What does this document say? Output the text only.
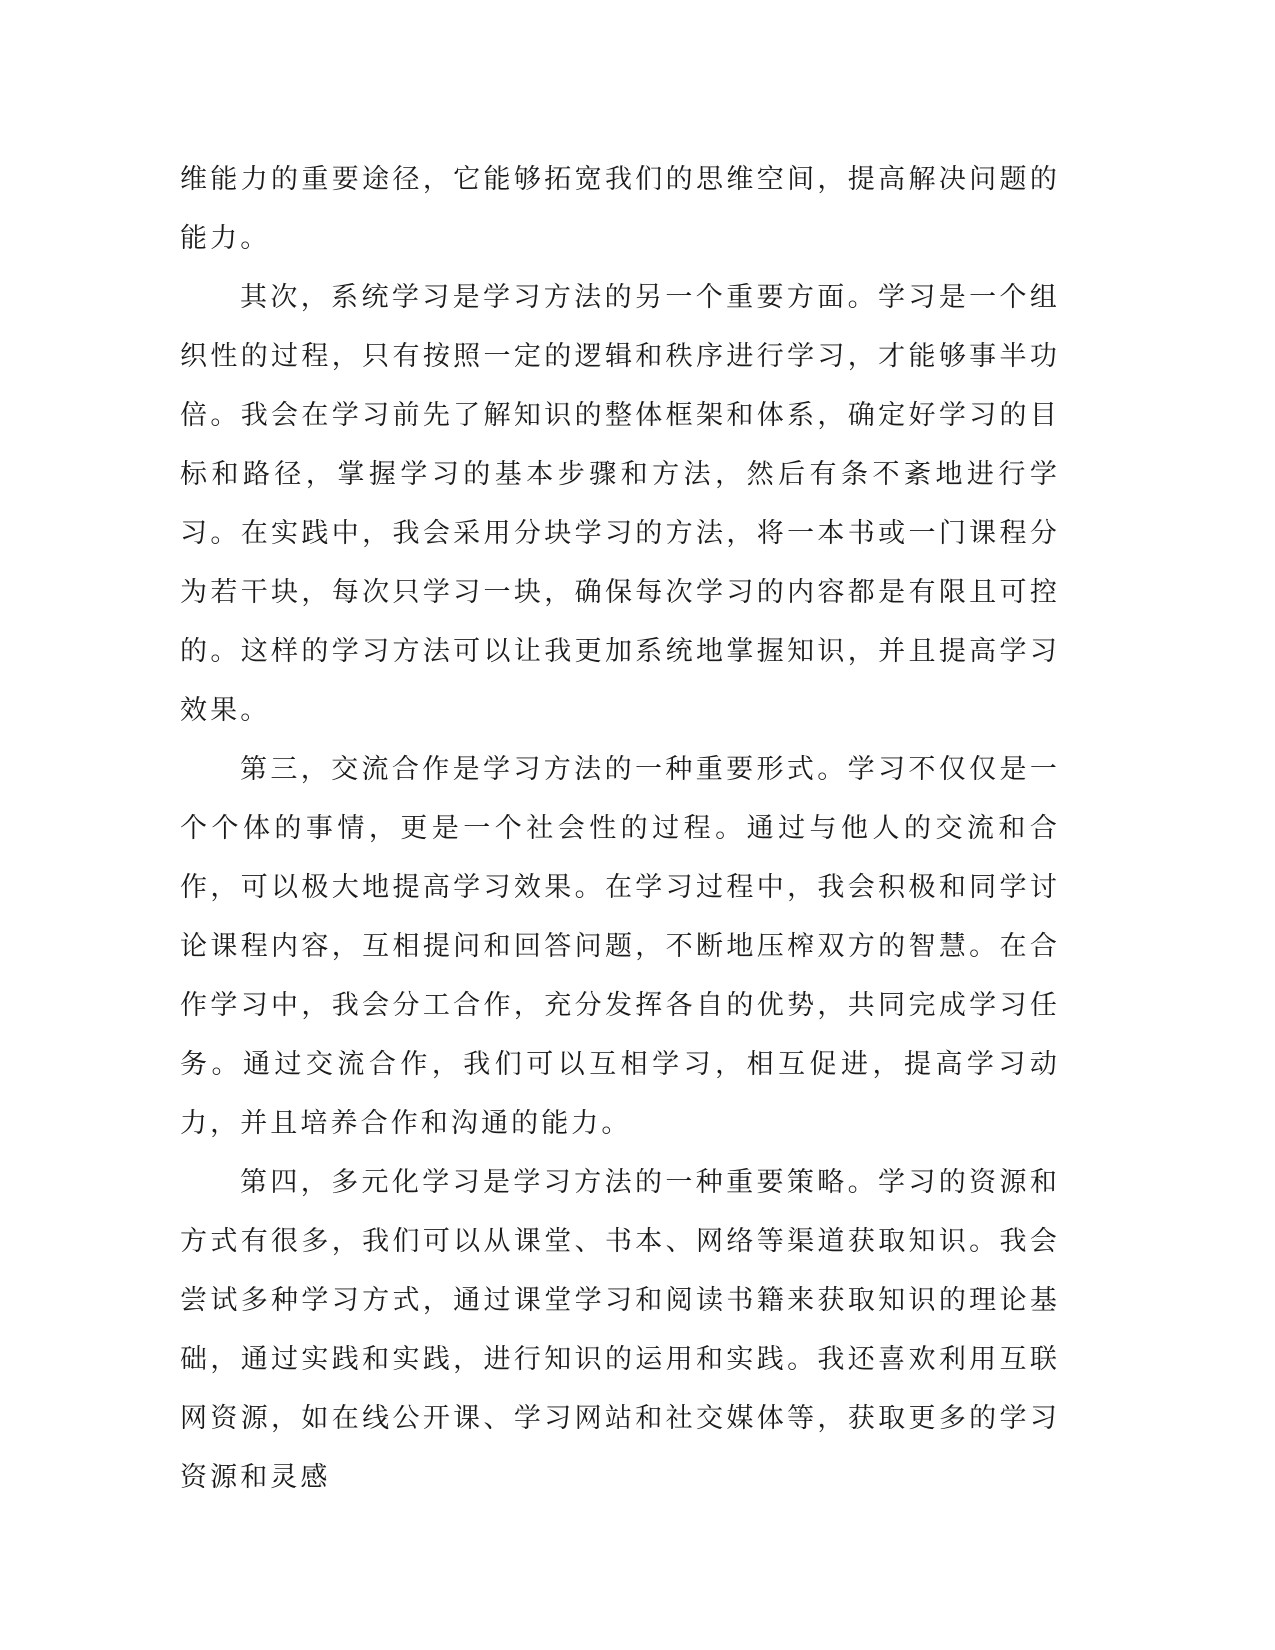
维能力的重要途径，它能够拓宽我们的思维空间，提高解决问题的能力。

其次，系统学习是学习方法的另一个重要方面。学习是一个组织性的过程，只有按照一定的逻辑和秩序进行学习，才能够事半功倍。我会在学习前先了解知识的整体框架和体系，确定好学习的目标和路径，掌握学习的基本步骤和方法，然后有条不紊地进行学习。在实践中，我会采用分块学习的方法，将一本书或一门课程分为若干块，每次只学习一块，确保每次学习的内容都是有限且可控的。这样的学习方法可以让我更加系统地掌握知识，并且提高学习效果。

第三，交流合作是学习方法的一种重要形式。学习不仅仅是一个个体的事情，更是一个社会性的过程。通过与他人的交流和合作，可以极大地提高学习效果。在学习过程中，我会积极和同学讨论课程内容，互相提问和回答问题，不断地压榨双方的智慧。在合作学习中，我会分工合作，充分发挥各自的优势，共同完成学习任务。通过交流合作，我们可以互相学习，相互促进，提高学习动力，并且培养合作和沟通的能力。

第四，多元化学习是学习方法的一种重要策略。学习的资源和方式有很多，我们可以从课堂、书本、网络等渠道获取知识。我会尝试多种学习方式，通过课堂学习和阅读书籍来获取知识的理论基础，通过实践和实践，进行知识的运用和实践。我还喜欢利用互联网资源，如在线公开课、学习网站和社交媒体等，获取更多的学习资源和灵感
